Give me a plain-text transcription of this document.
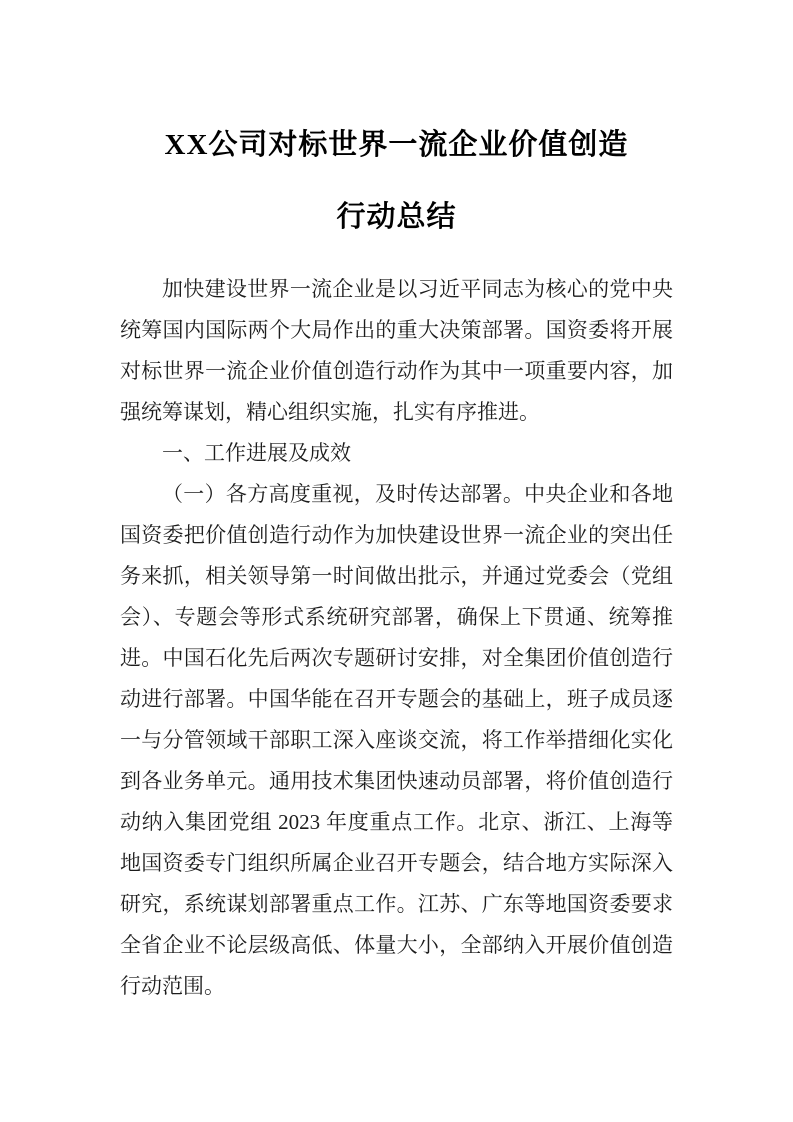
XX公司对标世界一流企业价值创造
行动总结

加快建设世界一流企业是以习近平同志为核心的党中央统筹国内国际两个大局作出的重大决策部署。国资委将开展对标世界一流企业价值创造行动作为其中一项重要内容，加强统筹谋划，精心组织实施，扎实有序推进。

一、工作进展及成效

（一）各方高度重视，及时传达部署。中央企业和各地国资委把价值创造行动作为加快建设世界一流企业的突出任务来抓，相关领导第一时间做出批示，并通过党委会（党组会）、专题会等形式系统研究部署，确保上下贯通、统筹推进。中国石化先后两次专题研讨安排，对全集团价值创造行动进行部署。中国华能在召开专题会的基础上，班子成员逐一与分管领域干部职工深入座谈交流，将工作举措细化实化到各业务单元。通用技术集团快速动员部署，将价值创造行动纳入集团党组 2023 年度重点工作。北京、浙江、上海等地国资委专门组织所属企业召开专题会，结合地方实际深入研究，系统谋划部署重点工作。江苏、广东等地国资委要求全省企业不论层级高低、体量大小，全部纳入开展价值创造行动范围。
